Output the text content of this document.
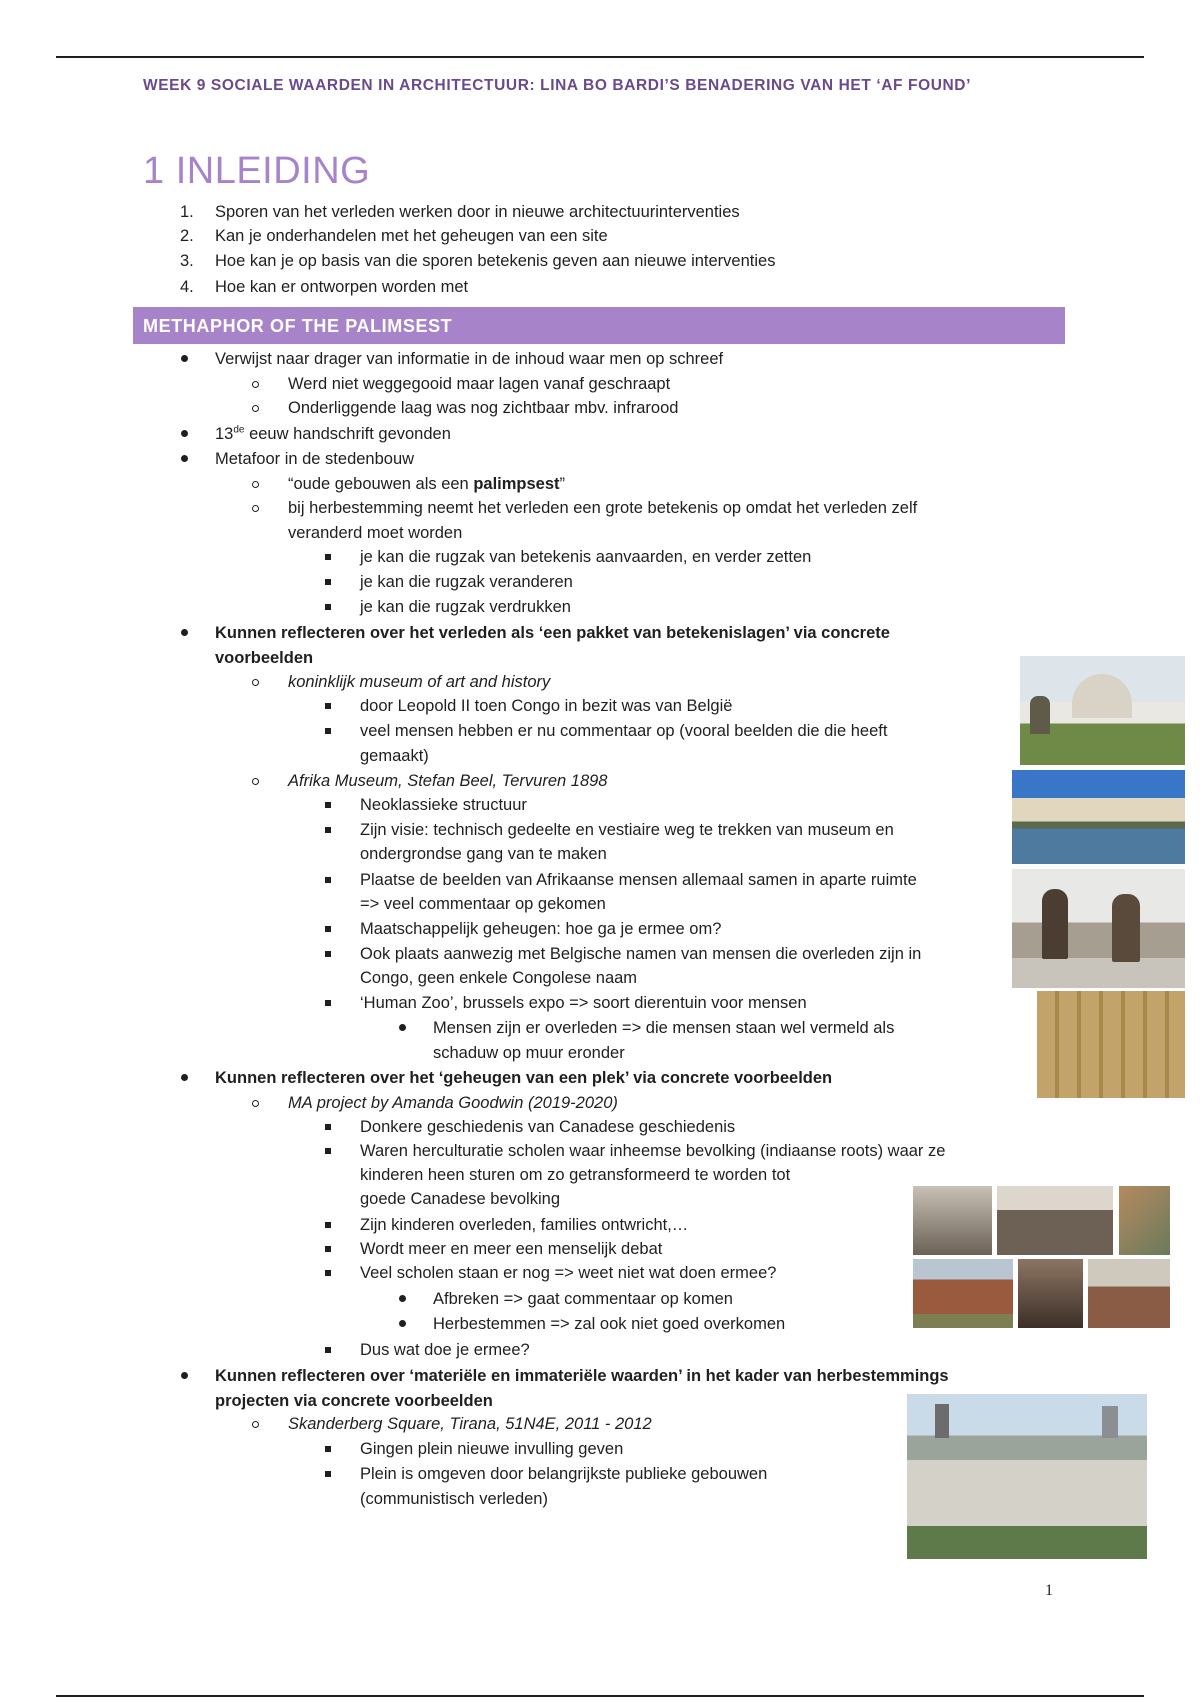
WEEK 9 SOCIALE WAARDEN IN ARCHITECTUUR: LINA BO BARDI’S BENADERING VAN HET ‘AF FOUND’
1 INLEIDING
1. Sporen van het verleden werken door in nieuwe architectuurinterventies
2. Kan je onderhandelen met het geheugen van een site
3. Hoe kan je op basis van die sporen betekenis geven aan nieuwe interventies
4. Hoe kan er ontworpen worden met
METHAPHOR OF THE PALIMSEST
Verwijst naar drager van informatie in de inhoud waar men op schreef
Werd niet weggegooid maar lagen vanaf geschraapt
Onderliggende laag was nog zichtbaar mbv. infrarood
13de eeuw handschrift gevonden
Metafoor in de stedenbouw
“oude gebouwen als een palimpsest”
bij herbestemming neemt het verleden een grote betekenis op omdat het verleden zelf
veranderd moet worden
je kan die rugzak van betekenis aanvaarden, en verder zetten
je kan die rugzak veranderen
je kan die rugzak verdrukken
Kunnen reflecteren over het verleden als ‘een pakket van betekenislagen’ via concrete
voorbeelden
koninklijk museum of art and history
door Leopold II toen Congo in bezit was van België
veel mensen hebben er nu commentaar op (vooral beelden die die heeft
gemaakt)
Afrika Museum, Stefan Beel, Tervuren 1898
Neoklassieke structuur
Zijn visie: technisch gedeelte en vestiaire weg te trekken van museum en
ondergrondse gang van te maken
Plaatse de beelden van Afrikaanse mensen allemaal samen in aparte ruimte
=> veel commentaar op gekomen
Maatschappelijk geheugen: hoe ga je ermee om?
Ook plaats aanwezig met Belgische namen van mensen die overleden zijn in
Congo, geen enkele Congolese naam
‘Human Zoo’, brussels expo => soort dierentuin voor mensen
Mensen zijn er overleden => die mensen staan wel vermeld als
schaduw op muur eronder
Kunnen reflecteren over het ‘geheugen van een plek’ via concrete voorbeelden
MA project by Amanda Goodwin (2019-2020)
Donkere geschiedenis van Canadese geschiedenis
Waren herculturatie scholen waar inheemse bevolking (indiaanse roots) waar ze
kinderen heen sturen om zo getransformeerd te worden tot
goede Canadese bevolking
Zijn kinderen overleden, families ontwricht,…
Wordt meer en meer een menselijk debat
Veel scholen staan er nog => weet niet wat doen ermee?
Afbreken => gaat commentaar op komen
Herbestemmen => zal ook niet goed overkomen
Dus wat doe je ermee?
Kunnen reflecteren over ‘materiële en immateriële waarden’ in het kader van herbestemmings
projecten via concrete voorbeelden
Skanderberg Square, Tirana, 51N4E, 2011 - 2012
Gingen plein nieuwe invulling geven
Plein is omgeven door belangrijkste publieke gebouwen
(communistisch verleden)
1
